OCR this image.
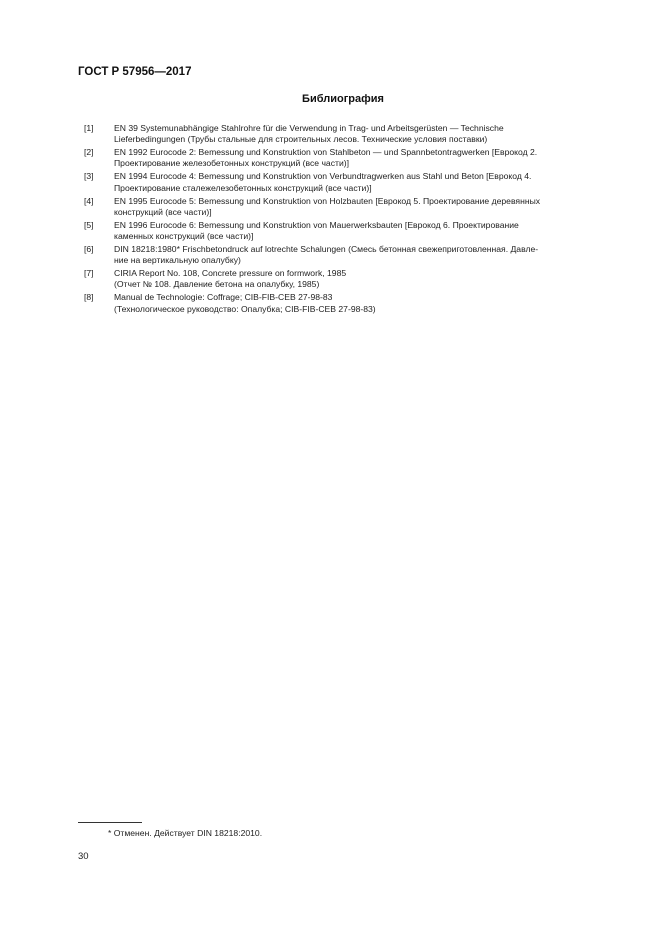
ГОСТ Р 57956—2017
Библиография
[1]	EN 39 Systemunabhängige Stahlrohre für die Verwendung in Trag- und Arbeitsgerüsten — Technische
Lieferbedingungen (Трубы стальные для строительных лесов. Технические условия поставки)
[2]	EN 1992 Eurocode 2: Bemessung und Konstruktion von Stahlbeton — und Spannbetontragwerken [Еврокод 2.
Проектирование железобетонных конструкций (все части)]
[3]	EN 1994 Eurocode 4: Bemessung und Konstruktion von Verbundtragwerken aus Stahl und Beton [Еврокод 4.
Проектирование сталежелезобетонных конструкций (все части)]
[4]	EN 1995 Eurocode 5: Bemessung und Konstruktion von Holzbauten [Еврокод 5. Проектирование деревянных
конструкций (все части)]
[5]	EN 1996 Eurocode 6: Bemessung und Konstruktion von Mauerwerksbauten [Еврокод 6. Проектирование
каменных конструкций (все части)]
[6]	DIN 18218:1980* Frischbetondruck auf lotrechte Schalungen (Смесь бетонная свежеприготовленная. Давле-
ние на вертикальную опалубку)
[7]	CIRIA Report No. 108, Concrete pressure on formwork, 1985
(Отчет № 108. Давление бетона на опалубку, 1985)
[8]	Manual de Technologie: Coffrage; CIB-FIB-CEB 27-98-83
(Технологическое руководство: Опалубка; CIB-FIB-CEB 27-98-83)
* Отменен. Действует DIN 18218:2010.
30
